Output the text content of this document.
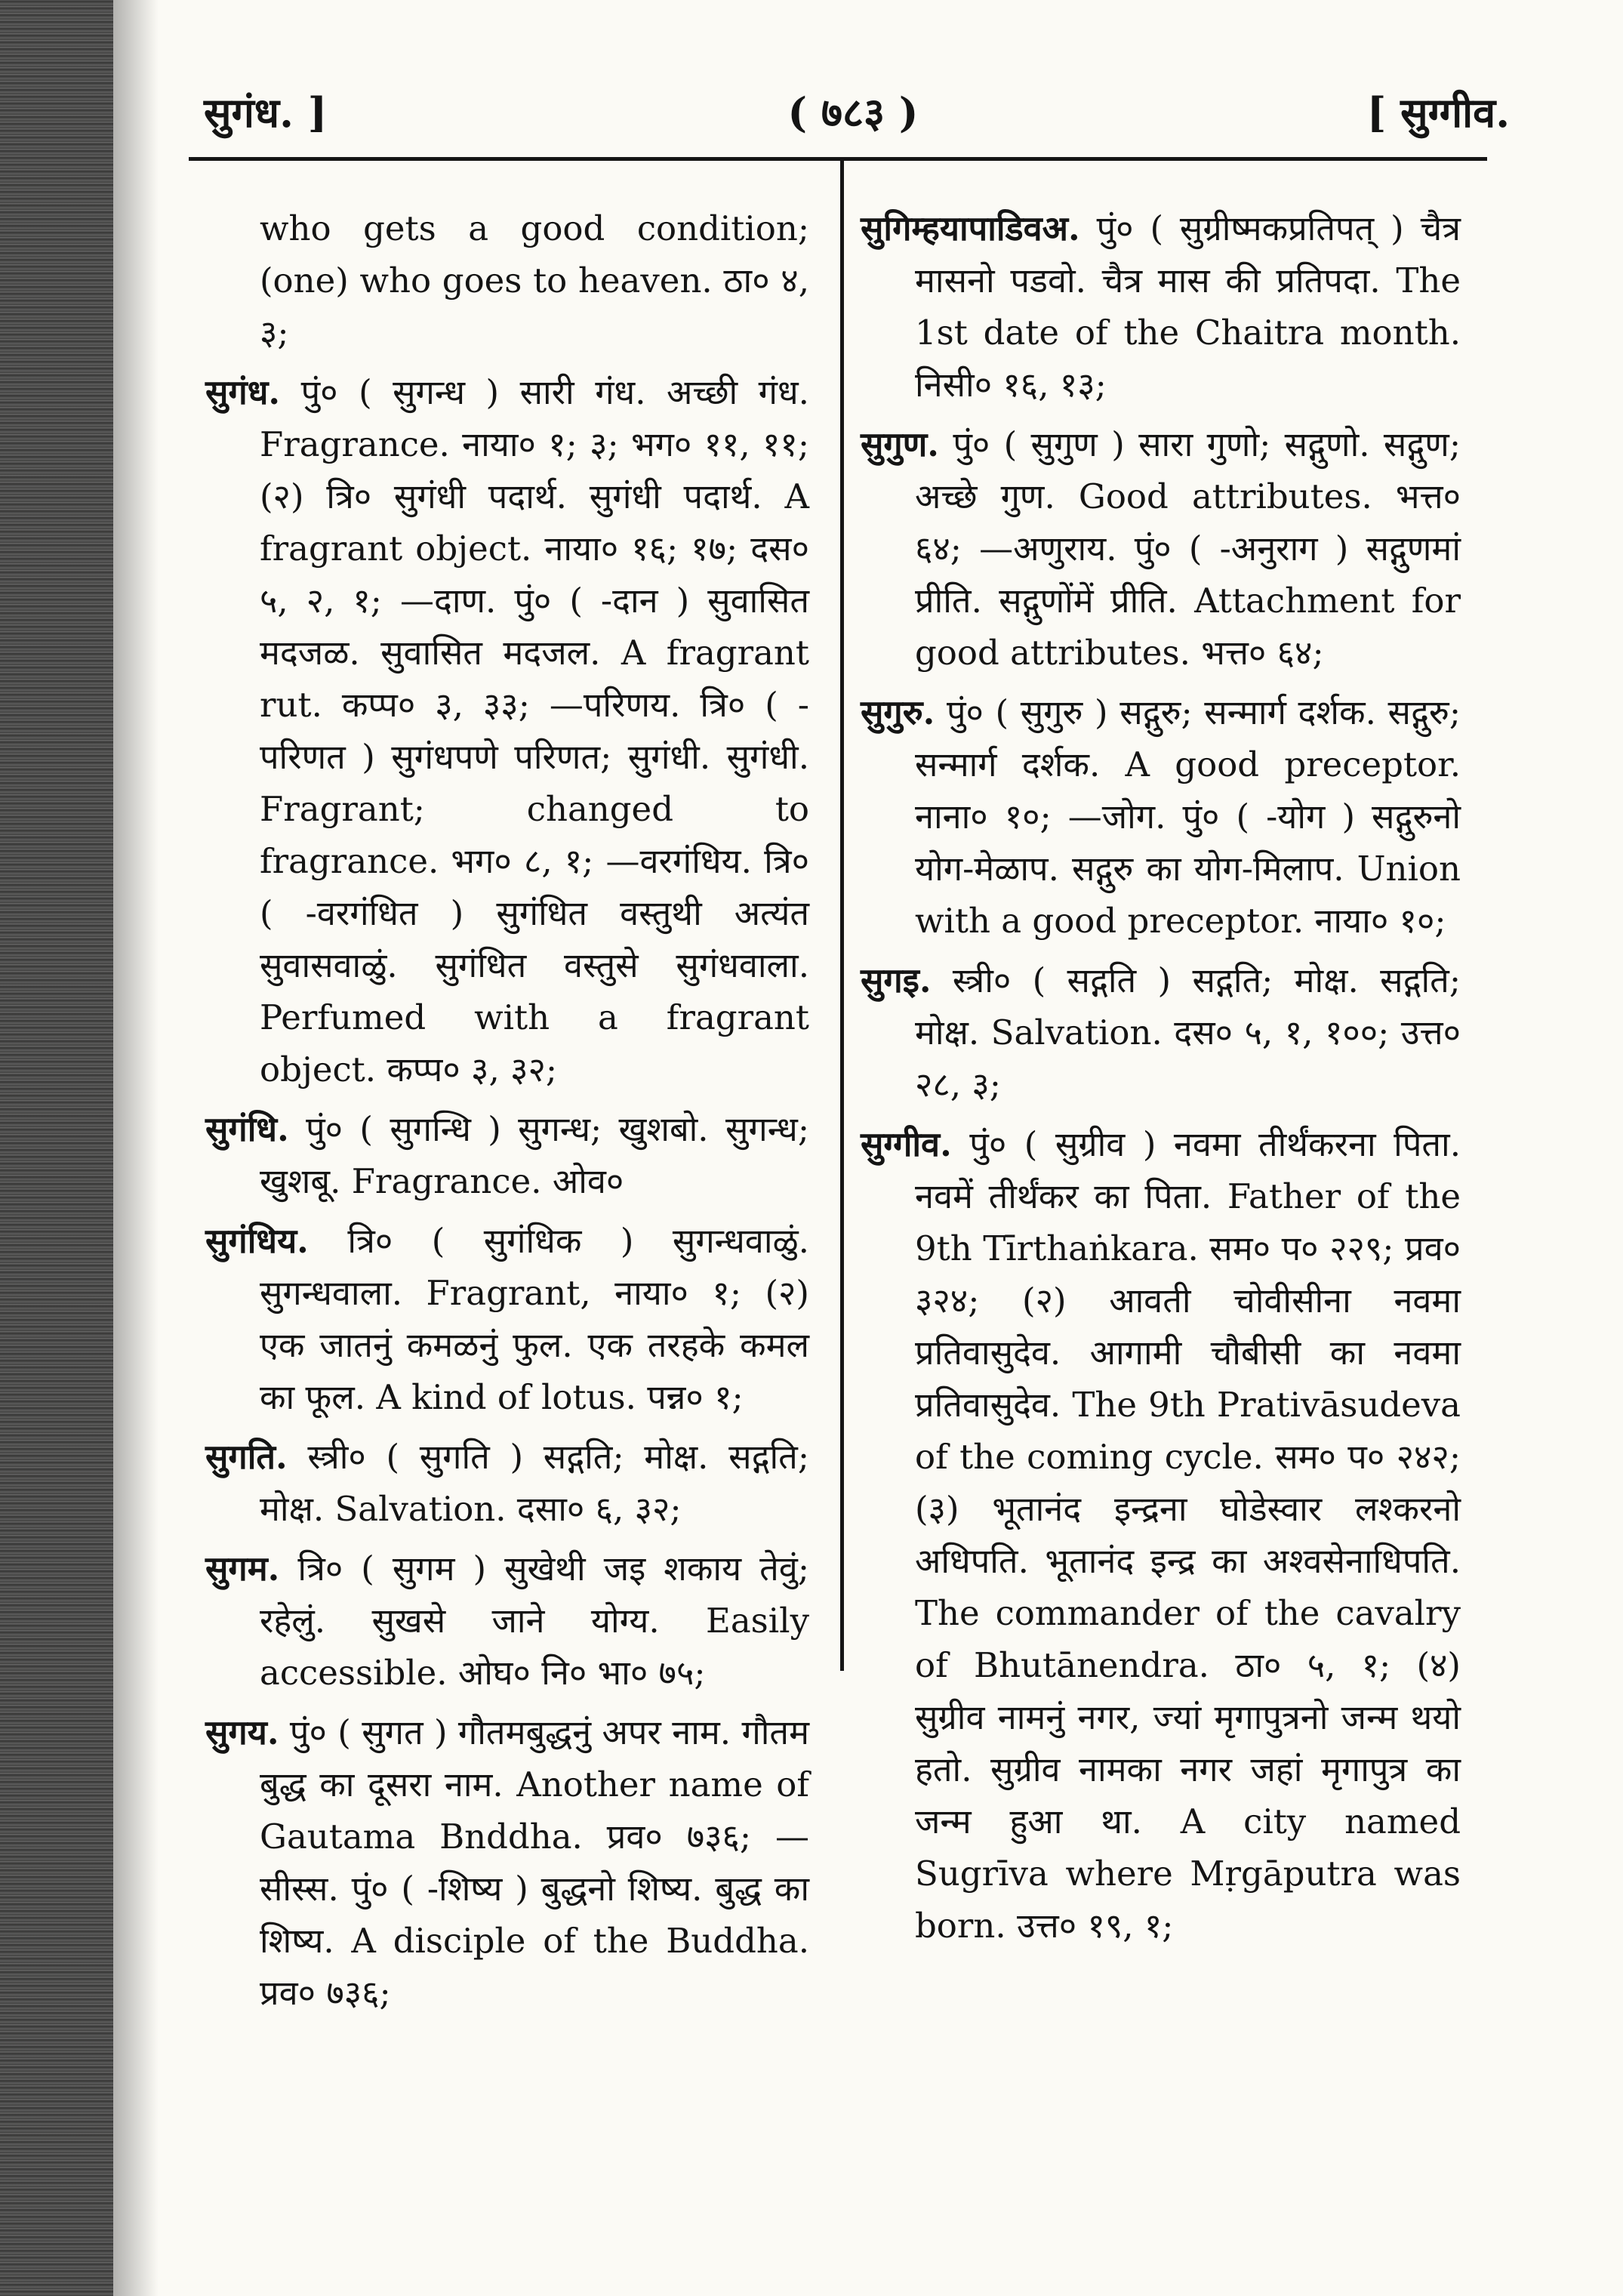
सुगंध. ]	( ७८३ )	[ सुग्गीव.

who gets a good condition; (one) who goes to heaven. ठा० ४, ३;

सुगंध. पुं० ( सुगन्ध ) सारी गंध. अच्छी गंध. Fragrance. नाया० १; ३; भग० ११, ११; (२) त्रि० सुगंधी पदार्थ. सुगंधी पदार्थ. A fragrant object. नाया० १६; १७; दस० ५, २, १; —दाण. पुं० ( -दान ) सुवासित मदजळ. सुवासित मदजल. A fragrant rut. कप्प० ३, ३३; —परिणय. त्रि० ( -परिणत ) सुगंधपणे परिणत; सुगंधी. सुगंधी. Fragrant; changed to fragrance. भग० ८, १; —वरगंधिय. त्रि० ( -वरगंधित ) सुगंधित वस्तुथी अत्यंत सुवासवाळुं. सुगंधित वस्तुसे सुगंधवाला. Perfumed with a fragrant object. कप्प० ३, ३२;

सुगंधि. पुं० ( सुगन्धि ) सुगन्ध; खुशबो. सुगन्ध; खुशबू. Fragrance. ओव०

सुगंधिय. त्रि० ( सुगंधिक ) सुगन्धवाळुं. सुगन्धवाला. Fragrant, नाया० १; (२) एक जातनुं कमळनुं फुल. एक तरहके कमल का फूल. A kind of lotus. पन्न० १;

सुगति. स्त्री० ( सुगति ) सद्गति; मोक्ष. सद्गति; मोक्ष. Salvation. दसा० ६, ३२;

सुगम. त्रि० ( सुगम ) सुखेथी जइ शकाय तेवुं; रहेलुं. सुखसे जाने योग्य. Easily accessible. ओघ० नि० भा० ७५;

सुगय. पुं० ( सुगत ) गौतमबुद्धनुं अपर नाम. गौतम बुद्ध का दूसरा नाम. Another name of Gautama Bnddha. प्रव० ७३६; —सीस्स. पुं० ( -शिष्य ) बुद्धनो शिष्य. बुद्ध का शिष्य. A disciple of the Buddha. प्रव० ७३६;

सुगिम्हयापाडिवअ. पुं० ( सुग्रीष्मकप्रतिपत् ) चैत्र मासनो पडवो. चैत्र मास की प्रतिपदा. The 1st date of the Chaitra month. निसी० १६, १३;

सुगुण. पुं० ( सुगुण ) सारा गुणो; सद्गुणो. सद्गुण; अच्छे गुण. Good attributes. भत्त० ६४; —अणुराय. पुं० ( -अनुराग ) सद्गुणमां प्रीति. सद्गुणोंमें प्रीति. Attachment for good attributes. भत्त० ६४;

सुगुरु. पुं० ( सुगुरु ) सद्गुरु; सन्मार्ग दर्शक. सद्गुरु; सन्मार्ग दर्शक. A good preceptor. नाना० १०; —जोग. पुं० ( -योग ) सद्गुरुनो योग-मेळाप. सद्गुरु का योग-मिलाप. Union with a good preceptor. नाया० १०;

सुगइ. स्त्री० ( सद्गति ) सद्गति; मोक्ष. सद्गति; मोक्ष. Salvation. दस० ५, १, १००; उत्त० २८, ३;

सुग्गीव. पुं० ( सुग्रीव ) नवमा तीर्थंकरना पिता. नवमें तीर्थंकर का पिता. Father of the 9th Tīrthaṅkara. सम० प० २२९; प्रव० ३२४; (२) आवती चोवीसीना नवमा प्रतिवासुदेव. आगामी चौबीसी का नवमा प्रतिवासुदेव. The 9th Prativāsudeva of the coming cycle. सम० प० २४२; (३) भूतानंद इन्द्रना घोडेस्वार लश्करनो अधिपति. भूतानंद इन्द्र का अश्वसेनाधिपति. The commander of the cavalry of Bhutānendra. ठा० ५, १; (४) सुग्रीव नामनुं नगर, ज्यां मृगापुत्रनो जन्म थयो हतो. सुग्रीव नामका नगर जहां मृगापुत्र का जन्म हुआ था. A city named Sugrīva where Mṛgāputra was born. उत्त० १९, १;
